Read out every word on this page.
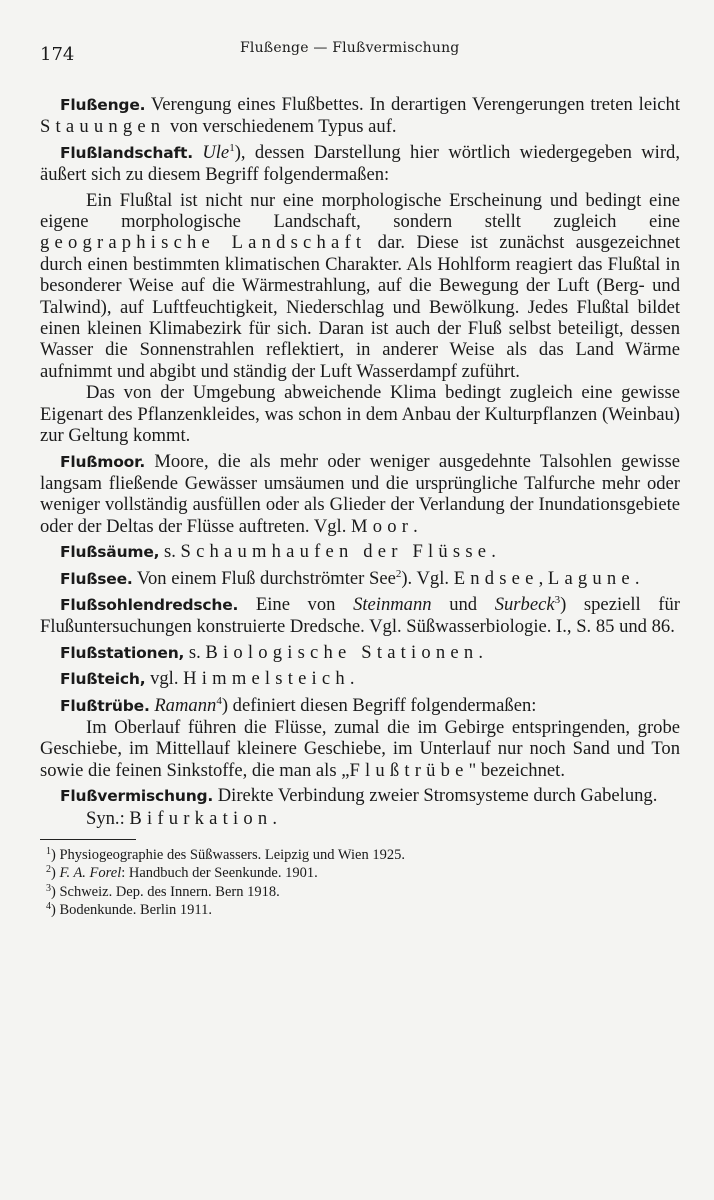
174	Flußenge — Flußvermischung

Flußenge. Verengung eines Flußbettes. In derartigen Verengerungen treten leicht Stauungen von verschiedenem Typus auf.

Flußlandschaft. Ule$^1$), dessen Darstellung hier wörtlich wiedergegeben wird, äußert sich zu diesem Begriff folgendermaßen:

Ein Flußtal ist nicht nur eine morphologische Erscheinung und bedingt eine eigene morphologische Landschaft, sondern stellt zugleich eine geographische Landschaft dar. Diese ist zunächst ausgezeichnet durch einen bestimmten klimatischen Charakter. Als Hohlform reagiert das Flußtal in besonderer Weise auf die Wärmestrahlung, auf die Bewegung der Luft (Berg- und Talwind), auf Luftfeuchtigkeit, Niederschlag und Bewölkung. Jedes Flußtal bildet einen kleinen Klimabezirk für sich. Daran ist auch der Fluß selbst beteiligt, dessen Wasser die Sonnenstrahlen reflektiert, in anderer Weise als das Land Wärme aufnimmt und abgibt und ständig der Luft Wasserdampf zuführt.

Das von der Umgebung abweichende Klima bedingt zugleich eine gewisse Eigenart des Pflanzenkleides, was schon in dem Anbau der Kulturpflanzen (Weinbau) zur Geltung kommt.

Flußmoor. Moore, die als mehr oder weniger ausgedehnte Talsohlen gewisse langsam fließende Gewässer umsäumen und die ursprüngliche Talfurche mehr oder weniger vollständig ausfüllen oder als Glieder der Verlandung der Inundationsgebiete oder der Deltas der Flüsse auftreten. Vgl. Moor.

Flußsäume, s. Schaumhaufen der Flüsse.

Flußsee. Von einem Fluß durchströmter See$^2$). Vgl. Endsee, Lagune.

Flußsohlendredsche. Eine von Steinmann und Surbeck$^3$) speziell für Flußuntersuchungen konstruierte Dredsche. Vgl. Süßwasserbiologie. I., S. 85 und 86.

Flußstationen, s. Biologische Stationen.

Flußteich, vgl. Himmelsteich.

Flußtrübe. Ramann$^4$) definiert diesen Begriff folgendermaßen:

Im Oberlauf führen die Flüsse, zumal die im Gebirge entspringenden, grobe Geschiebe, im Mittellauf kleinere Geschiebe, im Unterlauf nur noch Sand und Ton sowie die feinen Sinkstoffe, die man als „Flußtrübe" bezeichnet.

Flußvermischung. Direkte Verbindung zweier Stromsysteme durch Gabelung.

Syn.: Bifurkation.

$^1$) Physiogeographie des Süßwassers. Leipzig und Wien 1925.

$^2$) F. A. Forel: Handbuch der Seenkunde. 1901.

$^3$) Schweiz. Dep. des Innern. Bern 1918.

$^4$) Bodenkunde. Berlin 1911.
